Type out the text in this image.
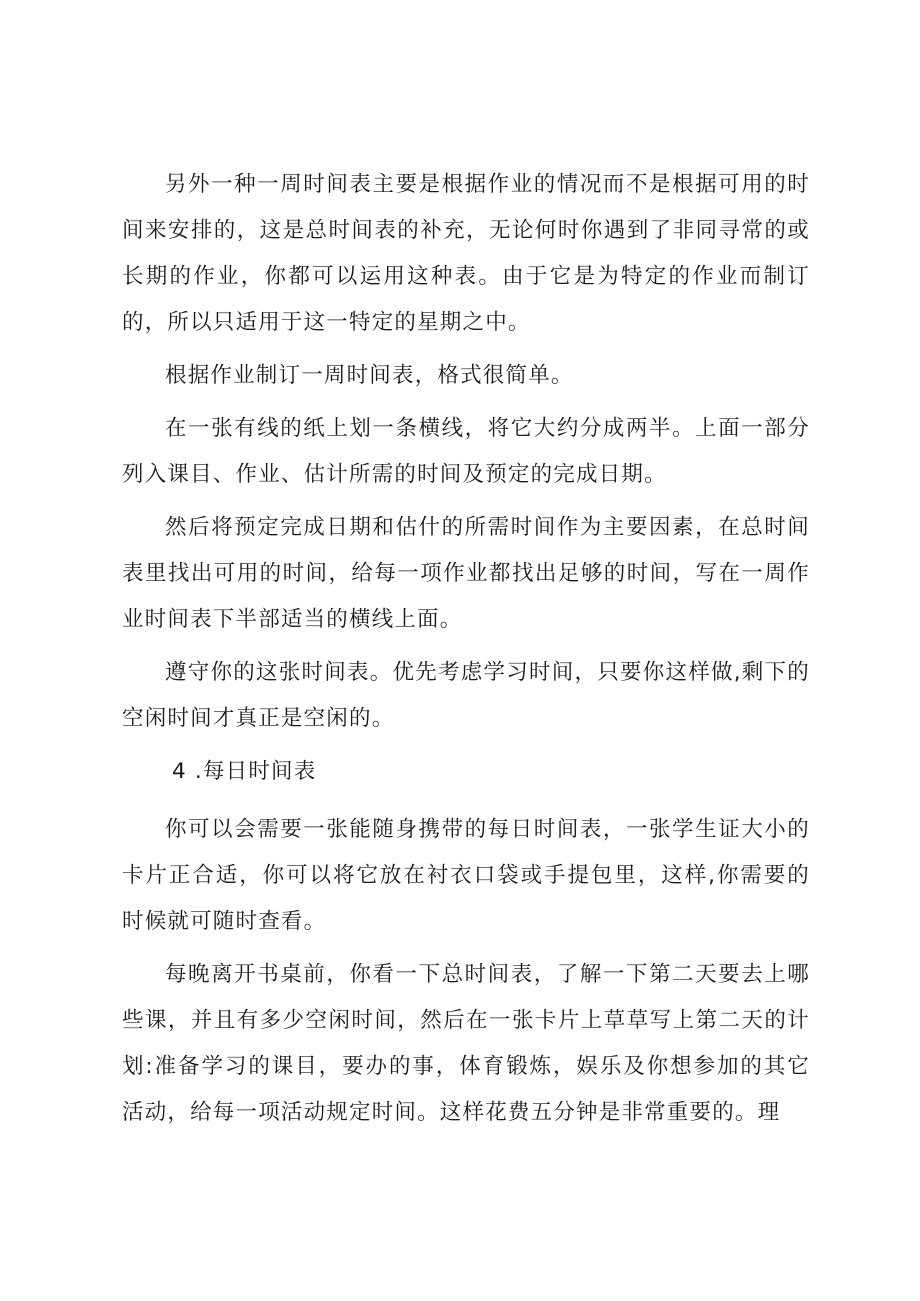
另外一种一周时间表主要是根据作业的情况而不是根据可用的时间来安排的，这是总时间表的补充，无论何时你遇到了非同寻常的或长期的作业，你都可以运用这种表。由于它是为特定的作业而制订的，所以只适用于这一特定的星期之中。

根据作业制订一周时间表，格式很简单。

在一张有线的纸上划一条横线，将它大约分成两半。上面一部分列入课目、作业、估计所需的时间及预定的完成日期。

然后将预定完成日期和估什的所需时间作为主要因素，在总时间表里找出可用的时间，给每一项作业都找出足够的时间，写在一周作业时间表下半部适当的横线上面。

遵守你的这张时间表。优先考虑学习时间，只要你这样做,剩下的空闲时间才真正是空闲的。

4 .每日时间表

你可以会需要一张能随身携带的每日时间表，一张学生证大小的卡片正合适，你可以将它放在衬衣口袋或手提包里，这样,你需要的时候就可随时查看。

每晚离开书桌前，你看一下总时间表，了解一下第二天要去上哪些课，并且有多少空闲时间，然后在一张卡片上草草写上第二天的计划:准备学习的课目，要办的事，体育锻炼，娱乐及你想参加的其它活动，给每一项活动规定时间。这样花费五分钟是非常重要的。理
